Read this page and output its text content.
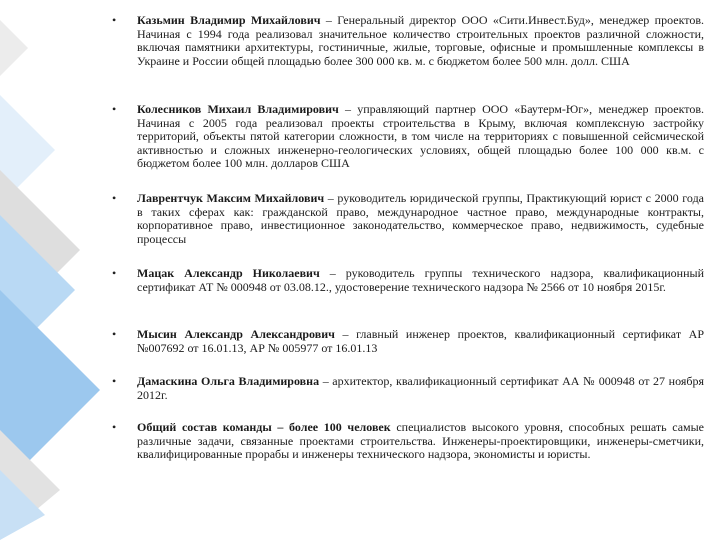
• Казьмин Владимир Михайлович – Генеральный директор ООО «Сити.Инвест.Буд», менеджер проектов. Начиная с 1994 года реализовал значительное количество строительных проектов различной сложности, включая памятники архитектуры, гостиничные, жилые, торговые, офисные и промышленные комплексы в Украине и России общей площадью более 300 000 кв. м. с бюджетом более 500 млн. долл. США
• Колесников Михаил Владимирович – управляющий партнер ООО «Баутерм-Юг», менеджер проектов. Начиная с 2005 года реализовал проекты строительства в Крыму, включая комплексную застройку территорий, объекты пятой категории сложности, в том числе на территориях с повышенной сейсмической активностью и сложных инженерно-геологических условиях, общей площадью более 100 000 кв.м. с бюджетом более 100 млн. долларов США
• Лаврентчук Максим Михайлович – руководитель юридической группы, Практикующий юрист с 2000 года в таких сферах как: гражданской право, международное частное право, международные контракты, корпоративное право, инвестиционное законодательство, коммерческое право, недвижимость, судебные процессы
• Мацак Александр Николаевич – руководитель группы технического надзора, квалификационный сертификат АТ № 000948 от 03.08.12., удостоверение технического надзора № 2566 от 10 ноября 2015г.
• Мысин Александр Александрович – главный инженер проектов, квалификационный сертификат АР №007692 от 16.01.13, АР № 005977 от 16.01.13
• Дамаскина Ольга Владимировна – архитектор, квалификационный сертификат АА № 000948 от 27 ноября 2012г.
• Общий состав команды – более 100 человек специалистов высокого уровня, способных решать самые различные задачи, связанные проектами строительства. Инженеры-проектировщики, инженеры-сметчики, квалифицированные прорабы и инженеры технического надзора, экономисты и юристы.
